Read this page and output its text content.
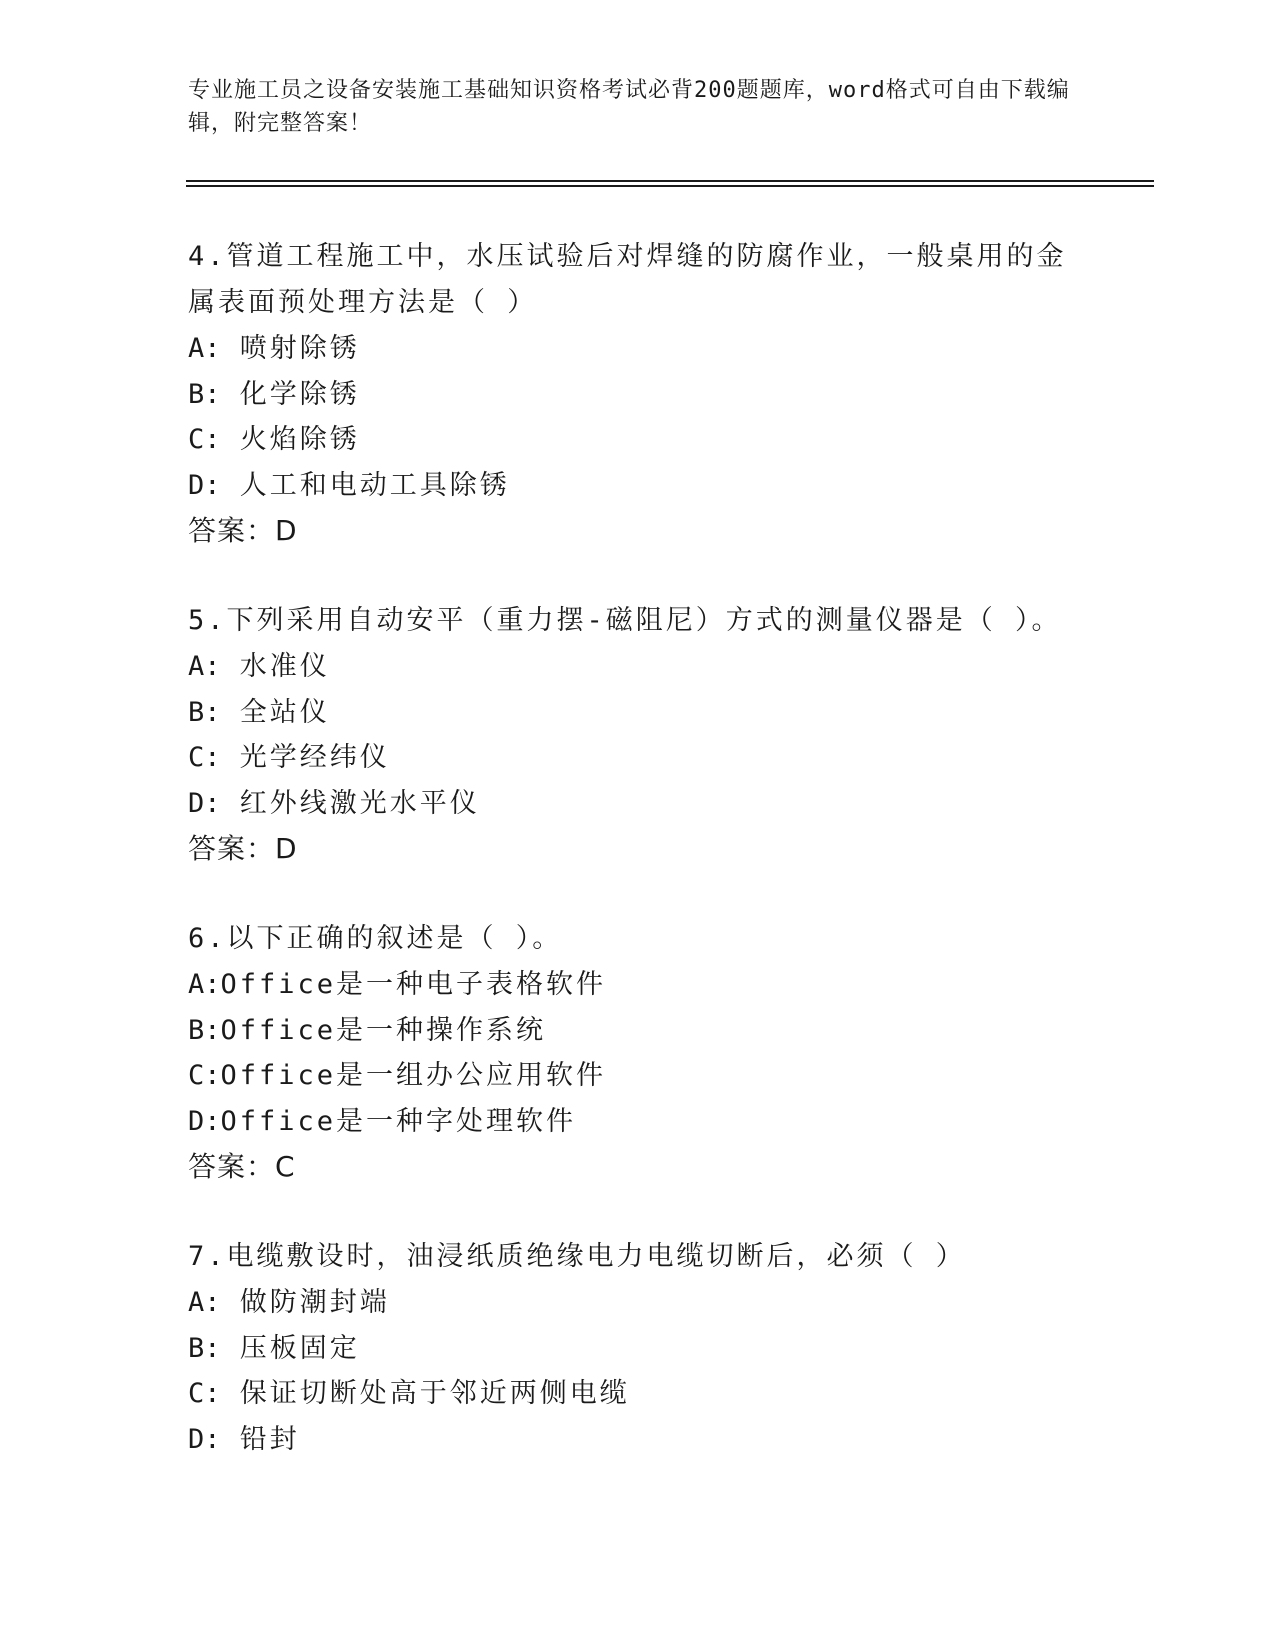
专业施工员之设备安装施工基础知识资格考试必背200题题库，word格式可自由下载编辑，附完整答案！
4.管道工程施工中，水压试验后对焊缝的防腐作业，一般桌用的金属表面预处理方法是（ ）
A: 喷射除锈
B: 化学除锈
C: 火焰除锈
D: 人工和电动工具除锈
答案：D
5.下列采用自动安平（重力摆-磁阻尼）方式的测量仪器是（ ）。
A: 水准仪
B: 全站仪
C: 光学经纬仪
D: 红外线激光水平仪
答案：D
6.以下正确的叙述是（ ）。
A:Office是一种电子表格软件
B:Office是一种操作系统
C:Office是一组办公应用软件
D:Office是一种字处理软件
答案：C
7.电缆敷设时，油浸纸质绝缘电力电缆切断后，必须（ ）
A: 做防潮封端
B: 压板固定
C: 保证切断处高于邻近两侧电缆
D: 铅封
